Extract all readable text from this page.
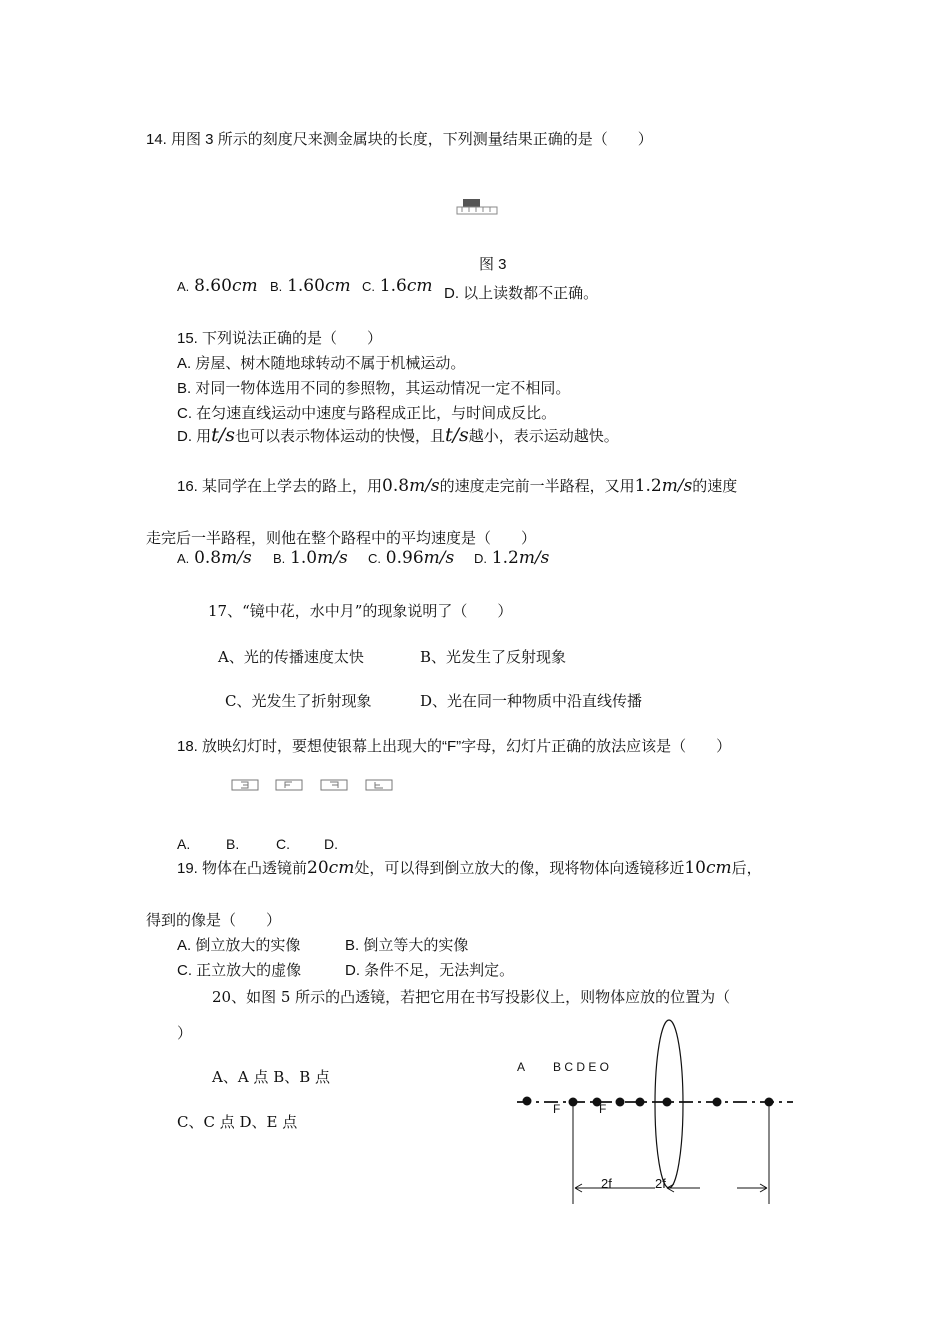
14. 用图 3 所示的刻度尺来测金属块的长度，下列测量结果正确的是（　　）
图 3
A. 8.60cm B. 1.60cm C. 1.6cm D. 以上读数都不正确。
15. 下列说法正确的是（　　）
A. 房屋、树木随地球转动不属于机械运动。
B. 对同一物体选用不同的参照物，其运动情况一定不相同。
C. 在匀速直线运动中速度与路程成正比，与时间成反比。
D. 用t/s也可以表示物体运动的快慢，且t/s越小，表示运动越快。
16. 某同学在上学去的路上，用0.8m/s的速度走完前一半路程，又用1.2m/s的速度
走完后一半路程，则他在整个路程中的平均速度是（　　）
A. 0.8m/s B. 1.0m/s C. 0.96m/s D. 1.2m/s
17、“镜中花，水中月”的现象说明了（　　）
A、光的传播速度太快	B、光发生了反射现象
C、光发生了折射现象	D、光在同一种物质中沿直线传播
18. 放映幻灯时，要想使银幕上出现大的“F”字母，幻灯片正确的放法应该是（　　）
A.	B.	C. D.
19. 物体在凸透镜前20cm处，可以得到倒立放大的像，现将物体向透镜移近10cm后，
得到的像是（　　）
A. 倒立放大的实像	B. 倒立等大的实像
C. 正立放大的虚像	D. 条件不足，无法判定。
20、如图 5 所示的凸透镜，若把它用在书写投影仪上，则物体应放的位置为（
）
A、A 点 B、B 点
C、C 点 D、E 点
A B C D E O
F	F
2f	2f
